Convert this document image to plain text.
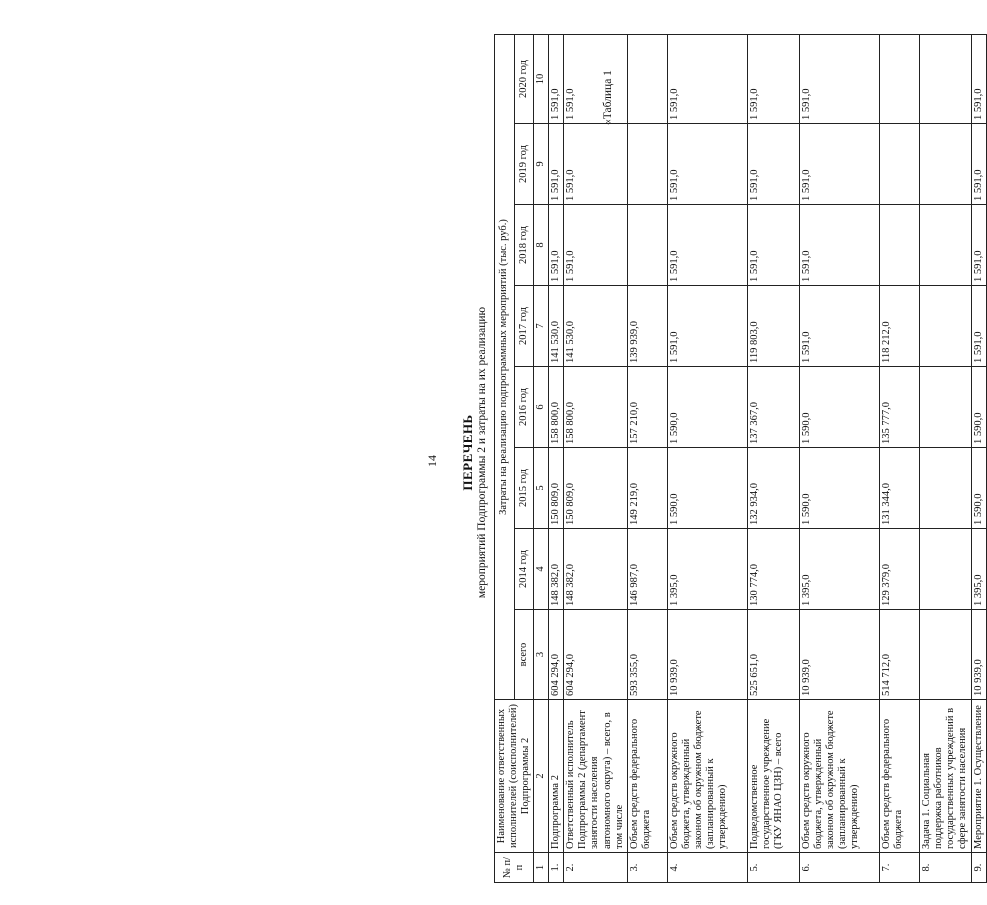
14
«Таблица 1
ПЕРЕЧЕНЬ мероприятий Подпрограммы 2 и затраты на их реализацию
№ п/п	Наименование ответственных исполнителей (соисполнителей) Подпрограммы 2	Затраты на реализацию подпрограммных мероприятий (тыс. руб.)							
		всего	2014 год	2015 год	2016 год	2017 год	2018 год	2019 год	2020 год
1	2	3	4	5	6	7	8	9	10
1.	Подпрограмма 2	604 294,0	148 382,0	150 809,0	158 800,0	141 530,0	1 591,0	1 591,0	1 591,0
2.	Ответственный исполнитель Подпрограммы 2 (департамент занятости населения автономного округа) – всего, в том числе	604 294,0	148 382,0	150 809,0	158 800,0	141 530,0	1 591,0	1 591,0	1 591,0
3.	Объем средств федерального бюджета	593 355,0	146 987,0	149 219,0	157 210,0	139 939,0			
4.	Объем средств окружного бюджета, утвержденный законом об окружном бюджете (запланированный к утверждению)	10 939,0	1 395,0	1 590,0	1 590,0	1 591,0	1 591,0	1 591,0	1 591,0
5.	Подведомственное государственное учреждение (ГКУ ЯНАО ЦЗН) – всего	525 651,0	130 774,0	132 934,0	137 367,0	119 803,0	1 591,0	1 591,0	1 591,0
6.	Объем средств окружного бюджета, утвержденный законом об окружном бюджете (запланированный к утверждению)	10 939,0	1 395,0	1 590,0	1 590,0	1 591,0	1 591,0	1 591,0	1 591,0
7.	Объем средств федерального бюджета	514 712,0	129 379,0	131 344,0	135 777,0	118 212,0			
8.	Задача 1. Социальная поддержка работников государственных учреждений в сфере занятости населения								
9.	Мероприятие 1. Осуществление	10 939,0	1 395,0	1 590,0	1 590,0	1 591,0	1 591,0	1 591,0	1 591,0
